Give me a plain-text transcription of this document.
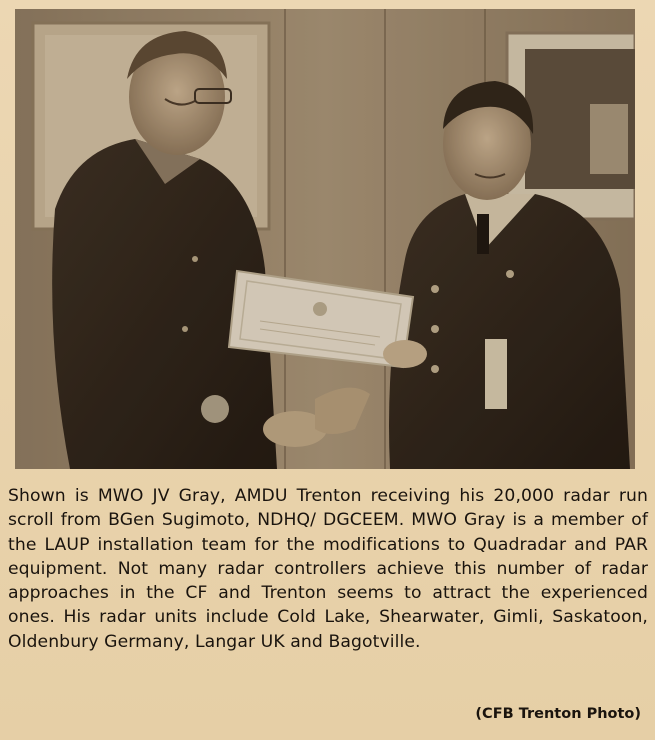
Shown is MWO JV Gray, AMDU Trenton receiving his 20,000 radar run scroll from BGen Sugimoto, NDHQ/ DGCEEM. MWO Gray is a member of the LAUP installation team for the modifications to Quadradar and PAR equipment. Not many radar controllers achieve this number of radar approaches in the CF and Trenton seems to attract the experienced ones. His radar units include Cold Lake, Shearwater, Gimli, Saskatoon, Oldenbury Germany, Langar UK and Bagotville.

(CFB Trenton Photo)
